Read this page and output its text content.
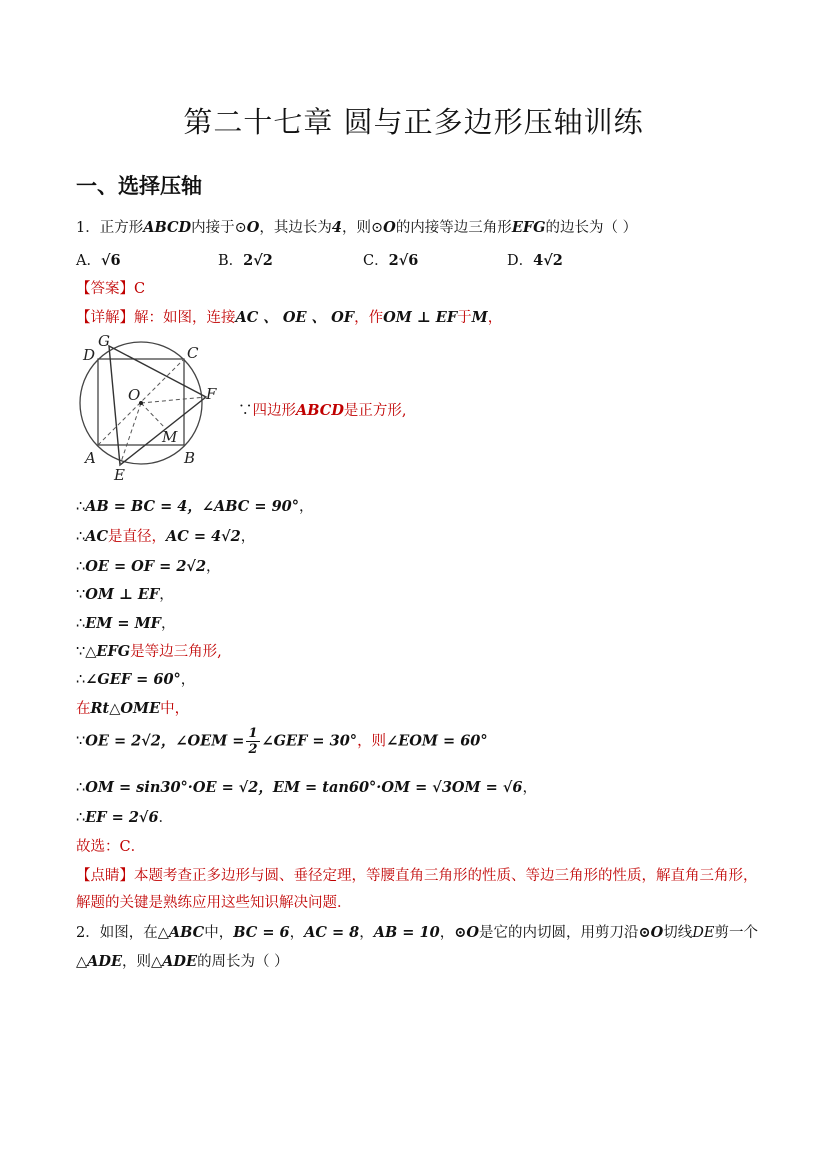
第二十七章 圆与正多边形压轴训练
一、选择压轴
1．正方形ABCD内接于⊙O，其边长为4，则⊙O的内接等边三角形EFG的边长为（ ）
A．√6	B．2√2	C．2√6	D．4√2
【答案】C
【详解】解：如图，连接AC 、 OE 、 OF，作OM ⊥ EF于M，
D
G
C
O	F
M
A
E
B
∵四边形ABCD是正方形,
∴AB = BC = 4，∠ABC = 90°，
∴AC是直径，AC = 4√2，
∴OE = OF = 2√2，
∵OM ⊥ EF，
∴EM = MF，
∵△EFG是等边三角形,
∴∠GEF = 60°，
在Rt△OME中，
∵OE = 2√2，∠OEM = $\frac{1}{2}$ ∠GEF = 30°，则∠EOM = 60°
∴OM = sin30°·OE = √2，EM = tan60°·OM = √3OM = √6，
∴EF = 2√6．
故选：C．
【点睛】本题考查正多边形与圆、垂径定理，等腰直角三角形的性质、等边三角形的性质，解直角三角形，
解题的关键是熟练应用这些知识解决问题．
2．如图，在△ABC中，BC = 6，AC = 8，AB = 10，⊙O是它的内切圆，用剪刀沿⊙O切线DE剪一个
△ADE，则△ADE的周长为（ ）
